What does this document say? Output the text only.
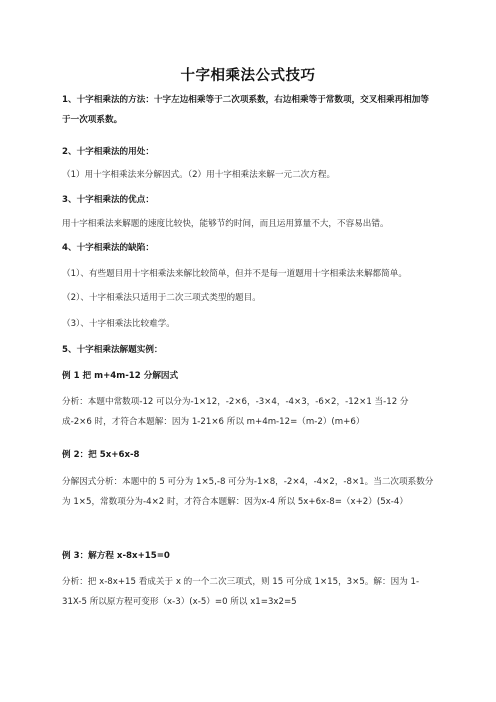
十字相乘法公式技巧
1、十字相乘法的方法：十字左边相乘等于二次项系数，右边相乘等于常数项，交叉相乘再相加等于一次项系数。
2、十字相乘法的用处：
（1）用十字相乘法来分解因式。（2）用十字相乘法来解一元二次方程。
3、十字相乘法的优点：
用十字相乘法来解题的速度比较快，能够节约时间，而且运用算量不大，不容易出错。
4、十字相乘法的缺陷：
（1）、有些题目用十字相乘法来解比较简单，但并不是每一道题用十字相乘法来解都简单。
（2）、十字相乘法只适用于二次三项式类型的题目。
（3）、十字相乘法比较难学。
5、十字相乘法解题实例：
例 1 把 m+4m-12 分解因式
分析：本题中常数项-12 可以分为-1×12，-2×6，-3×4，-4×3，-6×2，-12×1 当-12 分成-2×6 时，才符合本题解：因为 1-21×6 所以 m+4m-12=（m-2）(m+6）
例 2：把 5x+6x-8
分解因式分析：本题中的 5 可分为 1×5,-8 可分为-1×8，-2×4，-4×2，-8×1。当二次项系数分为 1×5，常数项分为-4×2 时，才符合本题解：因为x-4 所以 5x+6x-8=（x+2）(5x-4）
例 3：解方程 x-8x+15=0
分析：把 x-8x+15 看成关于 x 的一个二次三项式，则 15 可分成 1×15，3×5。解：因为 1-31X-5 所以原方程可变形（x-3）(x-5）=0 所以 x1=3x2=5
